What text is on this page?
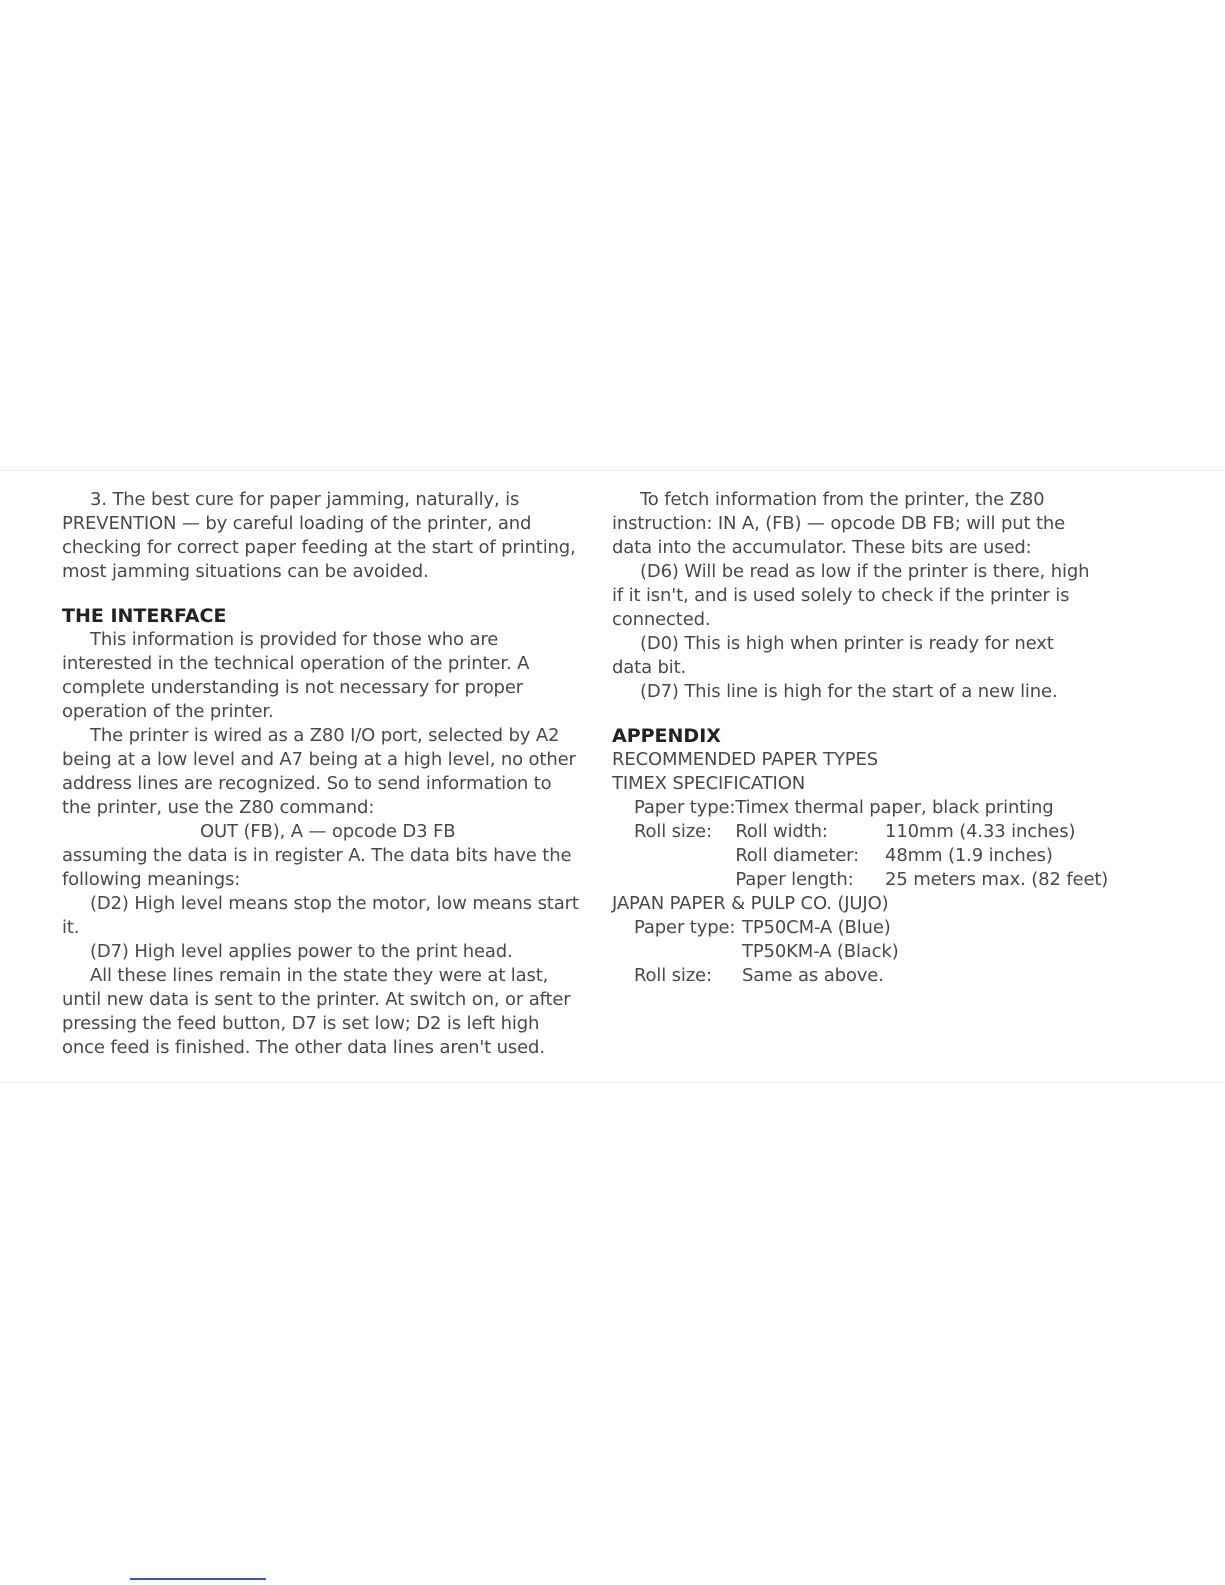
3. The best cure for paper jamming, naturally, is PREVENTION — by careful loading of the printer, and checking for correct paper feeding at the start of printing, most jamming situations can be avoided.

THE INTERFACE

This information is provided for those who are interested in the technical operation of the printer. A complete understanding is not necessary for proper operation of the printer.

The printer is wired as a Z80 I/O port, selected by A2 being at a low level and A7 being at a high level, no other address lines are recognized. So to send information to the printer, use the Z80 command:

OUT (FB), A — opcode D3 FB

assuming the data is in register A. The data bits have the following meanings:

(D2) High level means stop the motor, low means start it.

(D7) High level applies power to the print head.

All these lines remain in the state they were at last, until new data is sent to the printer. At switch on, or after pressing the feed button, D7 is set low; D2 is left high once feed is finished. The other data lines aren't used.

To fetch information from the printer, the Z80 instruction: IN A, (FB) — opcode DB FB; will put the data into the accumulator. These bits are used:

(D6) Will be read as low if the printer is there, high if it isn't, and is used solely to check if the printer is connected.

(D0) This is high when printer is ready for next data bit.

(D7) This line is high for the start of a new line.

APPENDIX

RECOMMENDED PAPER TYPES

TIMEX SPECIFICATION

Paper type:	Timex thermal paper, black printing	
Roll size:	Roll width:	110mm (4.33 inches)
	Roll diameter:	48mm (1.9 inches)
	Paper length:	25 meters max. (82 feet)

JAPAN PAPER & PULP CO. (JUJO)

Paper type:	TP50CM-A (Blue)
	TP50KM-A (Black)
Roll size:	Same as above.
